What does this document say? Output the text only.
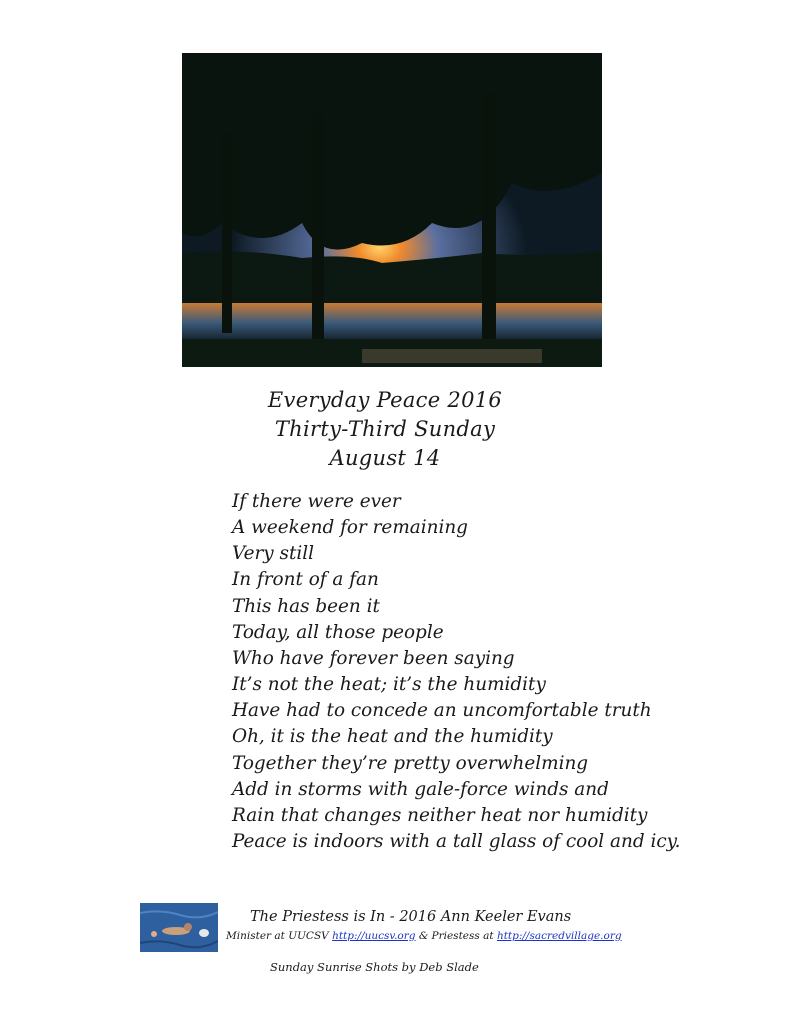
Everyday Peace 2016
Thirty-Third Sunday
August 14
If there were ever
A weekend for remaining
Very still
In front of a fan
This has been it
Today, all those people
Who have forever been saying
It’s not the heat; it’s the humidity
Have had to concede an uncomfortable truth
Oh, it is the heat and the humidity
Together they’re pretty overwhelming
Add in storms with gale-force winds and
Rain that changes neither heat nor humidity
Peace is indoors with a tall glass of cool and icy.
The Priestess is In - 2016 Ann Keeler Evans
Minister at UUCSV http://uucsv.org & Priestess at http://sacredvillage.org
Sunday Sunrise Shots by Deb Slade
